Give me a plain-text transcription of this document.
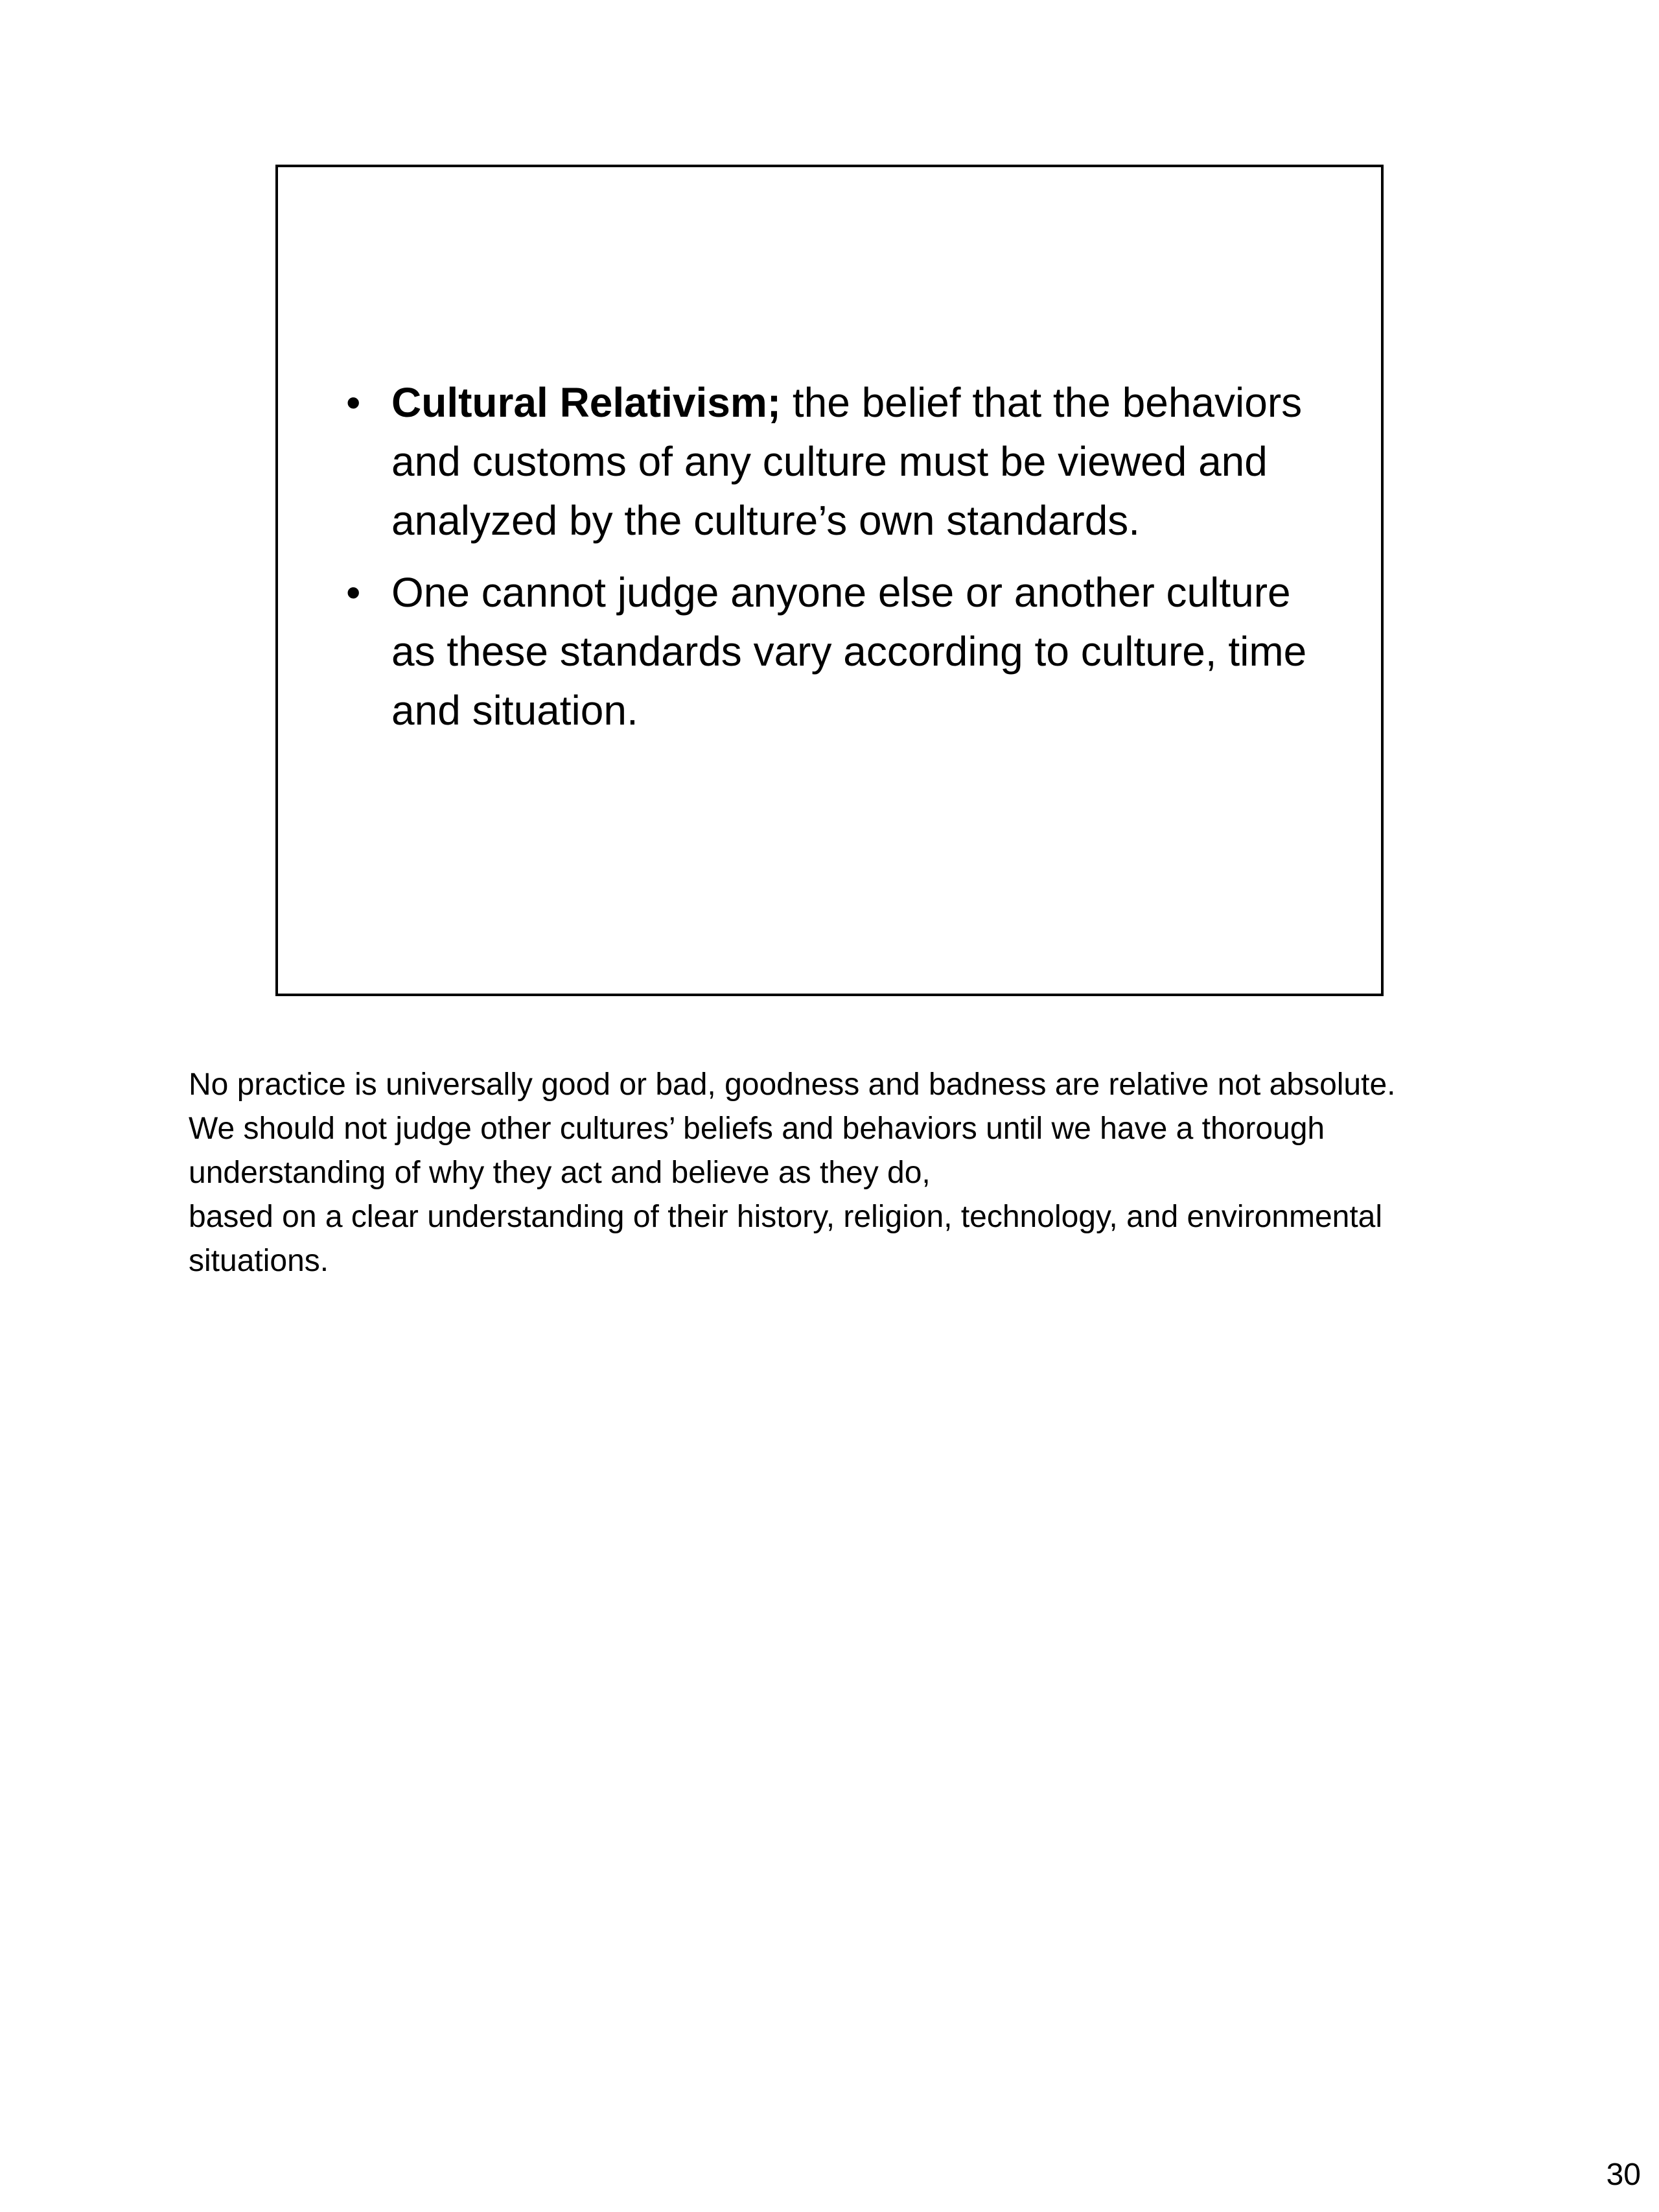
• Cultural Relativism; the belief that the behaviors and customs of any culture must be viewed and analyzed by the culture’s own standards.
• One cannot judge anyone else or another culture as these standards vary according to culture, time and situation.

No practice is universally good or bad, goodness and badness are relative not absolute.

We should not judge other cultures’ beliefs and behaviors until we have a thorough understanding of why they act and believe as they do,

based on a clear understanding of their history, religion, technology, and environmental situations.

30
